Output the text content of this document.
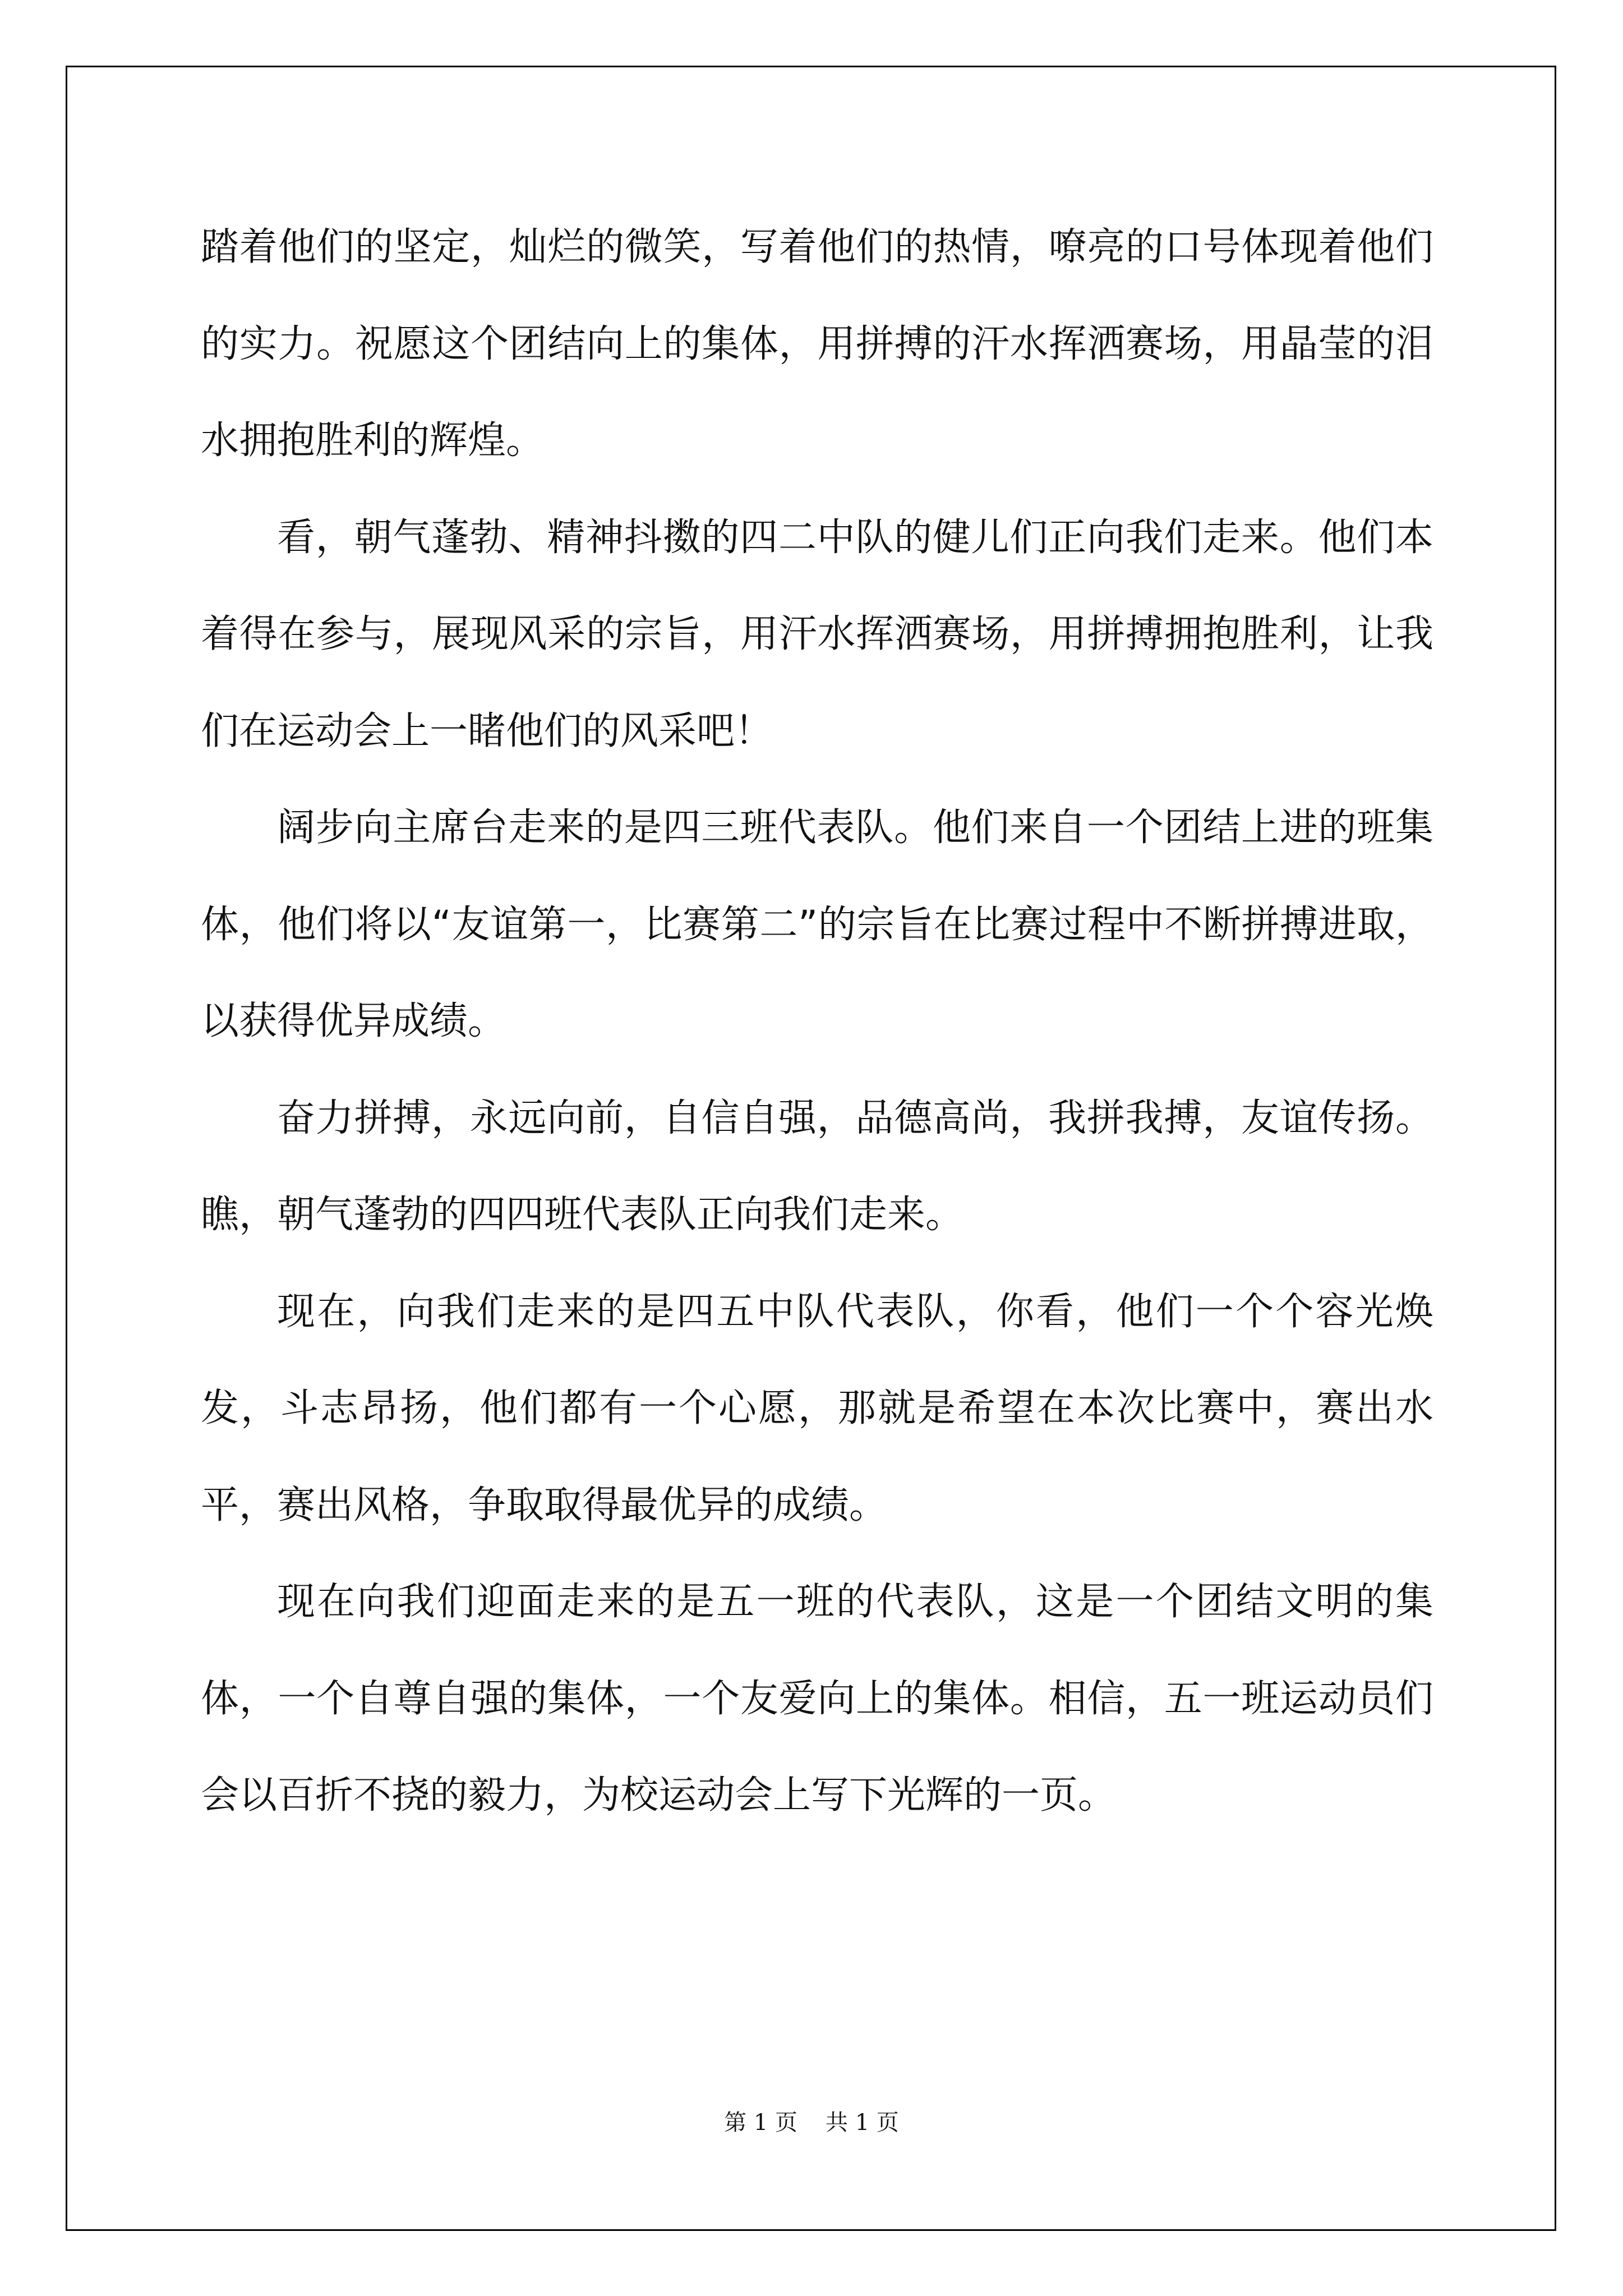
踏着他们的坚定，灿烂的微笑，写着他们的热情，嘹亮的口号体现着他们的实力。祝愿这个团结向上的集体，用拼搏的汗水挥洒赛场，用晶莹的泪水拥抱胜利的辉煌。

看，朝气蓬勃、精神抖擞的四二中队的健儿们正向我们走来。他们本着得在参与，展现风采的宗旨，用汗水挥洒赛场，用拼搏拥抱胜利，让我们在运动会上一睹他们的风采吧！

阔步向主席台走来的是四三班代表队。他们来自一个团结上进的班集体，他们将以“友谊第一，比赛第二”的宗旨在比赛过程中不断拼搏进取，以获得优异成绩。

奋力拼搏，永远向前，自信自强，品德高尚，我拼我搏，友谊传扬。瞧，朝气蓬勃的四四班代表队正向我们走来。

现在，向我们走来的是四五中队代表队，你看，他们一个个容光焕发，斗志昂扬，他们都有一个心愿，那就是希望在本次比赛中，赛出水平，赛出风格，争取取得最优异的成绩。

现在向我们迎面走来的是五一班的代表队，这是一个团结文明的集体，一个自尊自强的集体，一个友爱向上的集体。相信，五一班运动员们会以百折不挠的毅力，为校运动会上写下光辉的一页。

第 1 页 共 1 页
